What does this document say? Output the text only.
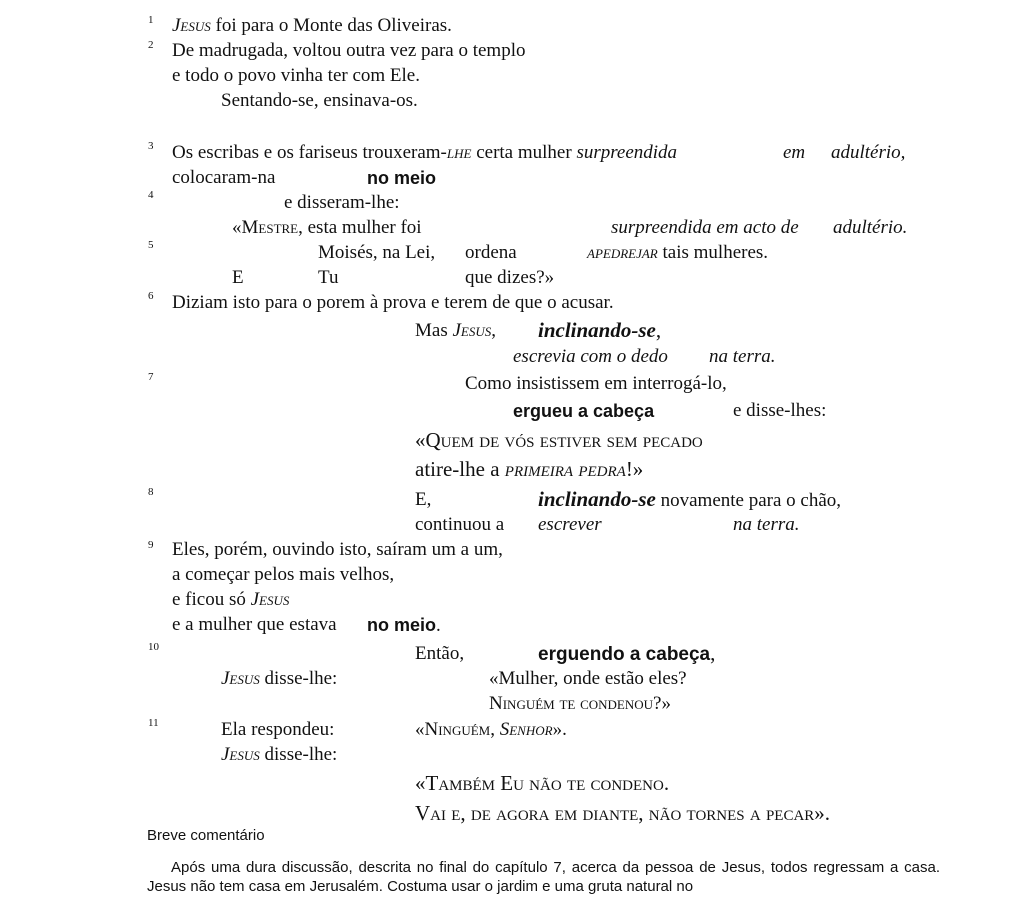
1
2
3
4
5
6
7
8
9
10
11
Jesus foi para o Monte das Oliveiras.
De madrugada, voltou outra vez para o templo
e todo o povo vinha ter com Ele.
Sentando-se, ensinava-os.
Os escribas e os fariseus trouxeram-lhe certa mulher surpreendida	em adultério,
colocaram-na	no meio
e disseram-lhe:
«Mestre, esta mulher foi	surpreendida em acto de adultério.
Moisés, na Lei, ordena	apedrejar tais mulheres.
E	Tu	que dizes?»
Diziam isto para o porem à prova e terem de que o acusar.
Mas Jesus, inclinando-se,
escrevia com o dedo na terra.
Como insistissem em interrogá-lo,
ergueu a cabeça	e disse-lhes:
«Quem de vós estiver sem pecado
atire-lhe a primeira pedra!»
E,	inclinando-se novamente para o chão,
continuou a escrever	na terra.
Eles, porém, ouvindo isto, saíram um a um,
a começar pelos mais velhos,
e ficou só Jesus
e a mulher que estava no meio.
Então,	erguendo a cabeça,
Jesus disse-lhe:	«Mulher, onde estão eles?
Ninguém te condenou?»
Ela respondeu:	«Ninguém, Senhor».
Jesus disse-lhe:
«Também Eu não te condeno.
Vai e, de agora em diante, não tornes a pecar».
Breve comentário
Após uma dura discussão, descrita no final do capítulo 7, acerca da pessoa de Jesus, todos regressam a casa. Jesus não tem casa em Jerusalém. Costuma usar o jardim e uma gruta natural no
